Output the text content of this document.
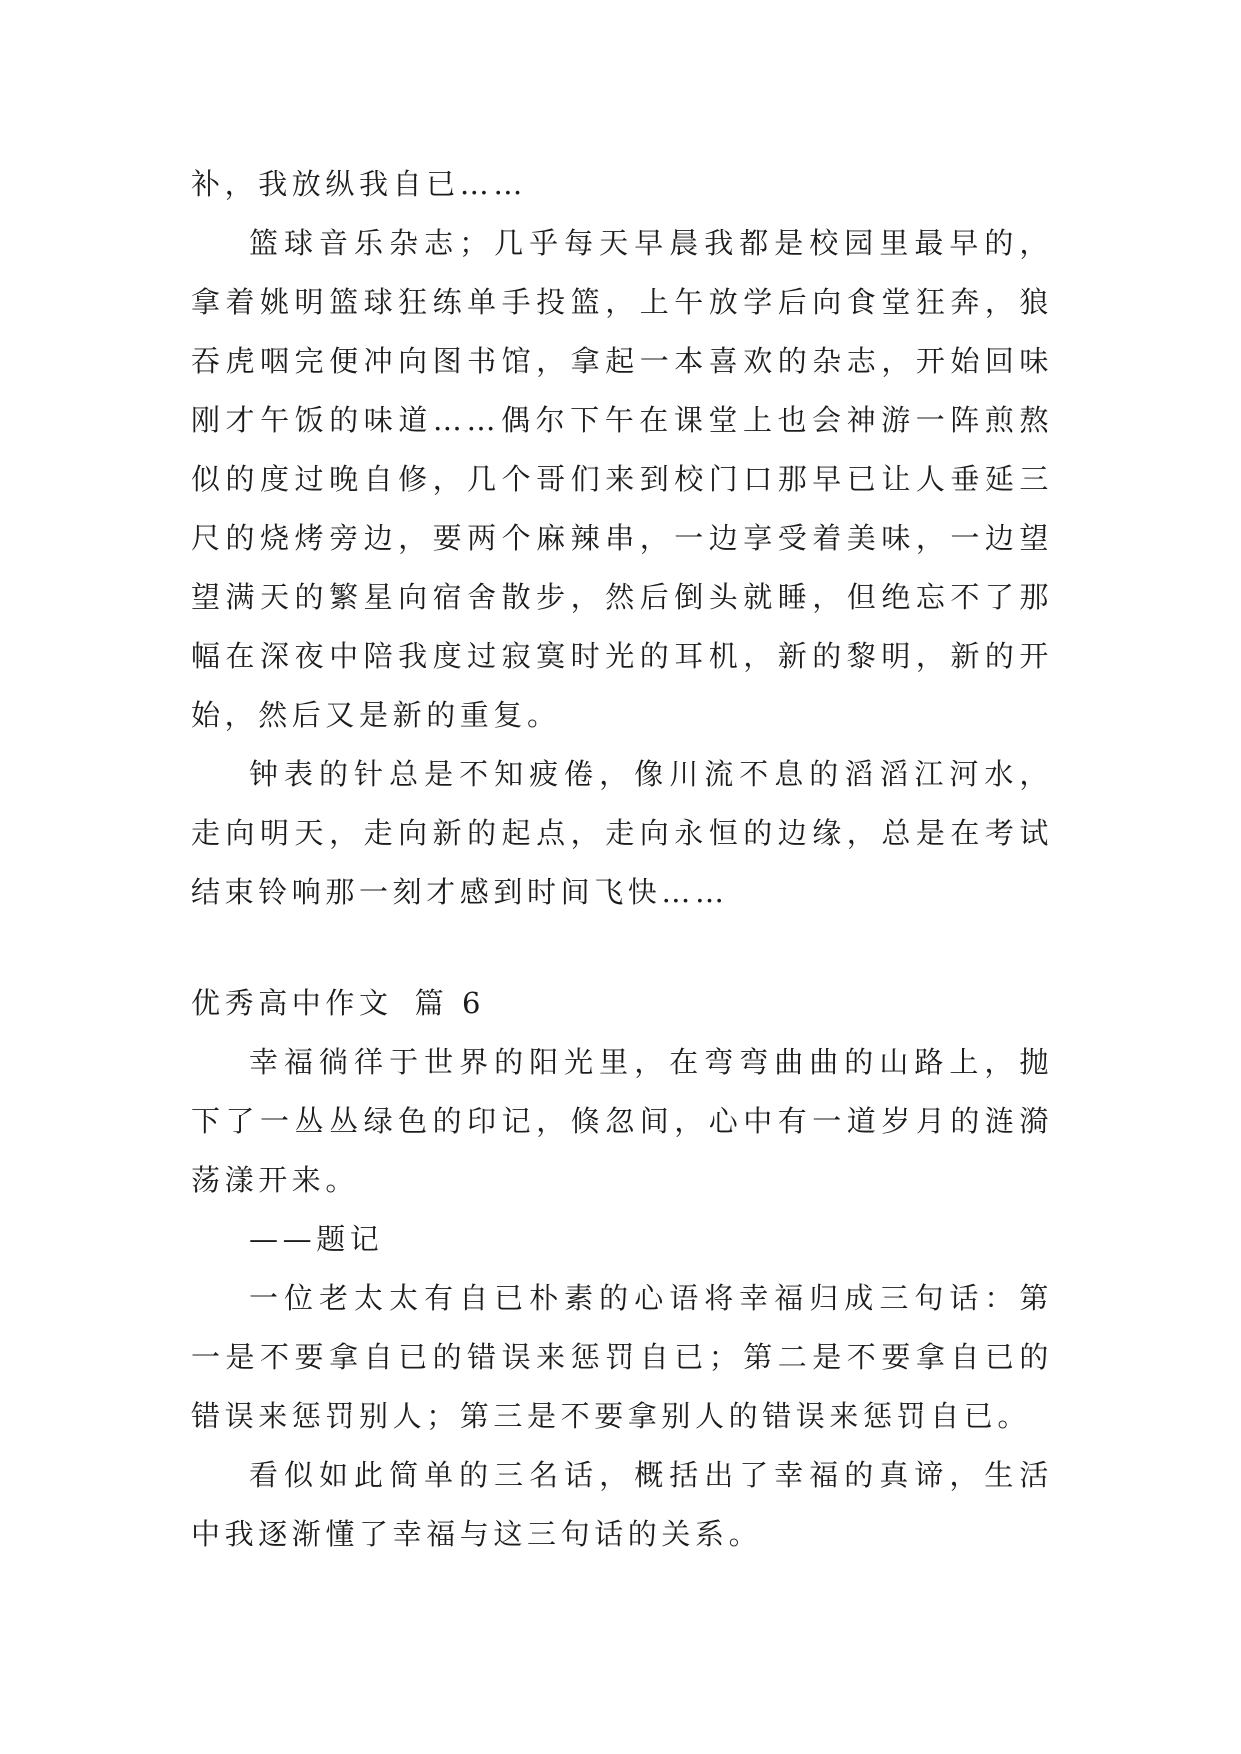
补，我放纵我自已……

篮球音乐杂志；几乎每天早晨我都是校园里最早的，拿着姚明篮球狂练单手投篮，上午放学后向食堂狂奔，狼吞虎咽完便冲向图书馆，拿起一本喜欢的杂志，开始回味刚才午饭的味道……偶尔下午在课堂上也会神游一阵煎熬似的度过晚自修，几个哥们来到校门口那早已让人垂延三尺的烧烤旁边，要两个麻辣串，一边享受着美味，一边望望满天的繁星向宿舍散步，然后倒头就睡，但绝忘不了那幅在深夜中陪我度过寂寞时光的耳机，新的黎明，新的开始，然后又是新的重复。

钟表的针总是不知疲倦，像川流不息的滔滔江河水，走向明天，走向新的起点，走向永恒的边缘，总是在考试结束铃响那一刻才感到时间飞快……

优秀高中作文 篇 6

幸福徜徉于世界的阳光里，在弯弯曲曲的山路上，抛下了一丛丛绿色的印记，倏忽间，心中有一道岁月的涟漪荡漾开来。

——题记

一位老太太有自已朴素的心语将幸福归成三句话：第一是不要拿自已的错误来惩罚自已；第二是不要拿自已的错误来惩罚别人；第三是不要拿别人的错误来惩罚自已。

看似如此简单的三名话，概括出了幸福的真谛，生活中我逐渐懂了幸福与这三句话的关系。
